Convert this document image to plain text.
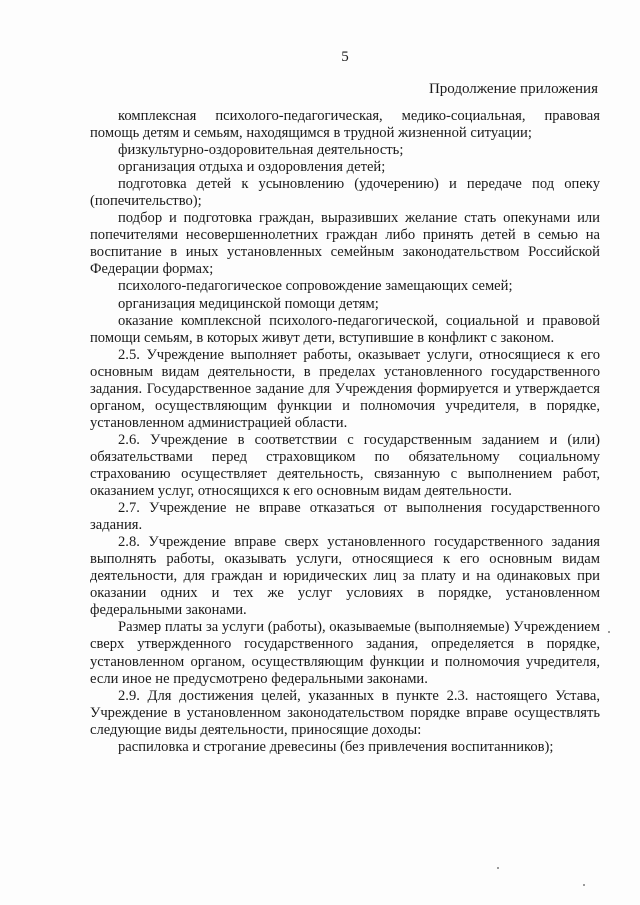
5
Продолжение приложения

комплексная психолого-педагогическая, медико-социальная, правовая помощь детям и семьям, находящимся в трудной жизненной ситуации;

физкультурно-оздоровительная деятельность;

организация отдыха и оздоровления детей;

подготовка детей к усыновлению (удочерению) и передаче под опеку (попечительство);

подбор и подготовка граждан, выразивших желание стать опекунами или попечителями несовершеннолетних граждан либо принять детей в семью на воспитание в иных установленных семейным законодательством Российской Федерации формах;

психолого-педагогическое сопровождение замещающих семей;

организация медицинской помощи детям;

оказание комплексной психолого-педагогической, социальной и правовой помощи семьям, в которых живут дети, вступившие в конфликт с законом.

2.5. Учреждение выполняет работы, оказывает услуги, относящиеся к его основным видам деятельности, в пределах установленного государственного задания. Государственное задание для Учреждения формируется и утверждается органом, осуществляющим функции и полномочия учредителя, в порядке, установленном администрацией области.

2.6. Учреждение в соответствии с государственным заданием и (или) обязательствами перед страховщиком по обязательному социальному страхованию осуществляет деятельность, связанную с выполнением работ, оказанием услуг, относящихся к его основным видам деятельности.

2.7. Учреждение не вправе отказаться от выполнения государственного задания.

2.8. Учреждение вправе сверх установленного государственного задания выполнять работы, оказывать услуги, относящиеся к его основным видам деятельности, для граждан и юридических лиц за плату и на одинаковых при оказании одних и тех же услуг условиях в порядке, установленном федеральными законами.

Размер платы за услуги (работы), оказываемые (выполняемые) Учреждением сверх утвержденного государственного задания, определяется в порядке, установленном органом, осуществляющим функции и полномочия учредителя, если иное не предусмотрено федеральными законами.

2.9. Для достижения целей, указанных в пункте 2.3. настоящего Устава, Учреждение в установленном законодательством порядке вправе осуществлять следующие виды деятельности, приносящие доходы:

распиловка и строгание древесины (без привлечения воспитанников);
